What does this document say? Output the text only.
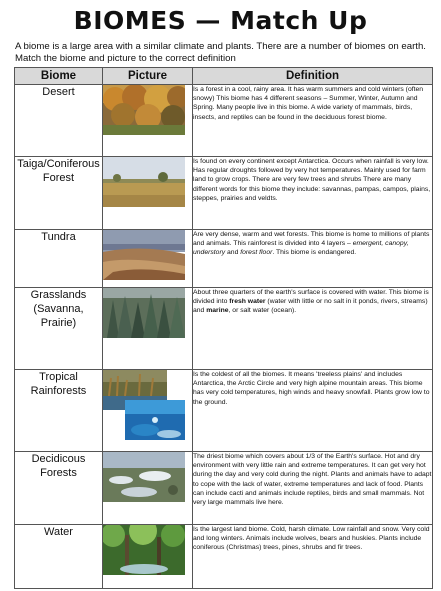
BIOMES — Match Up
A biome is a large area with a similar climate and plants. There are a number of biomes on earth. Match the biome and picture to the correct definition
Biome	Picture	Definition
Desert		Is a forest in a cool, rainy area. It has warm summers and cold winters (often snowy) This biome has 4 different seasons – Summer, Winter, Autumn and Spring. Many people live in this biome. A wide variety of mammals, birds, insects, and reptiles can be found in the deciduous forest biome.
Taiga/Coniferous Forest		Is found on every continent except Antarctica. Occurs when rainfall is very low. Has regular droughts followed by very hot temperatures. Mainly used for farm land to grow crops. There are very few trees and shrubs There are many different words for this biome they include: savannas, pampas, campos, plains, steppes, prairies and veldts.
Tundra		Are very dense, warm and wet forests. This biome is home to millions of plants and animals. This rainforest is divided into 4 layers – emergent, canopy, understory and forest floor. This biome is endangered.
Grasslands (Savanna, Prairie)		About three quarters of the earth's surface is covered with water. This biome is divided into fresh water (water with little or no salt in it ponds, rivers, streams) and marine, or salt water (ocean).
Tropical Rainforests		Is the coldest of all the biomes. It means 'treeless plains' and includes Antarctica, the Arctic Circle and very high alpine mountain areas. This biome has very cold temperatures, high winds and heavy snowfall. Plants grow low to the ground.
Decidicous Forests		The driest biome which covers about 1/3 of the Earth's surface. Hot and dry environment with very little rain and extreme temperatures. It can get very hot during the day and very cold during the night. Plants and animals have to adapt to cope with the lack of water, extreme temperatures and lack of food. Plants can include cacti and animals include reptiles, birds and small mammals. Not very large mammals live here.
Water		Is the largest land biome. Cold, harsh climate. Low rainfall and snow. Very cold and long winters. Animals include wolves, bears and huskies. Plants include coniferous (Christmas) trees, pines, shrubs and fir trees.
